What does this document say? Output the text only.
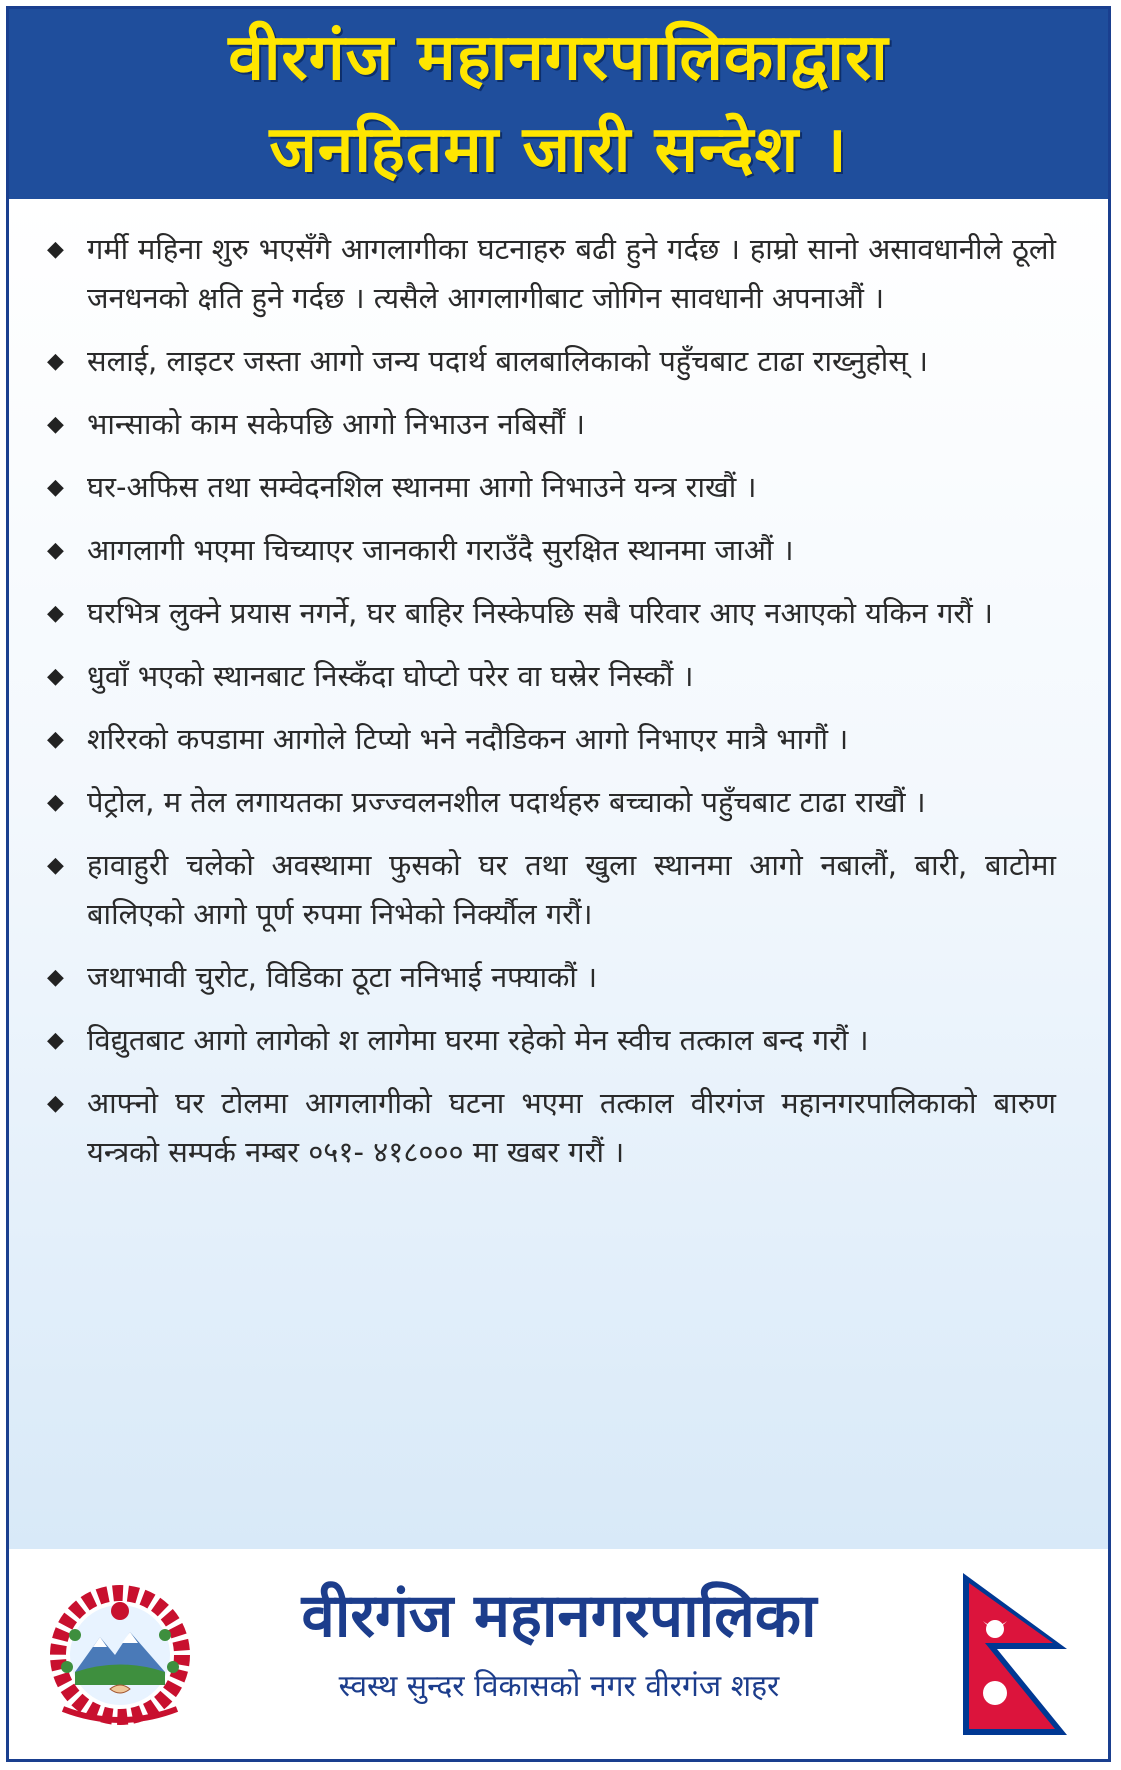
वीरगंज महानगरपालिकाद्वारा
जनहितमा जारी सन्देश ।
◆ गर्मी महिना शुरु भएसँगै आगलागीका घटनाहरु बढी हुने गर्दछ । हाम्रो सानो असावधानीले ठूलो जनधनको क्षति हुने गर्दछ । त्यसैले आगलागीबाट जोगिन सावधानी अपनाऔं ।
◆ सलाई, लाइटर जस्ता आगो जन्य पदार्थ बालबालिकाको पहुँचबाट टाढा राख्नुहोस् ।
◆ भान्साको काम सकेपछि आगो निभाउन नबिर्सौं ।
◆ घर-अफिस तथा सम्वेदनशिल स्थानमा आगो निभाउने यन्त्र राखौं ।
◆ आगलागी भएमा चिच्याएर जानकारी गराउँदै सुरक्षित स्थानमा जाऔं ।
◆ घरभित्र लुक्ने प्रयास नगर्ने, घर बाहिर निस्केपछि सबै परिवार आए नआएको यकिन गरौं ।
◆ धुवाँ भएको स्थानबाट निस्कँदा घोप्टो परेर वा घस्रेर निस्कौं ।
◆ शरिरको कपडामा आगोले टिप्यो भने नदौडिकन आगो निभाएर मात्रै भागौं ।
◆ पेट्रोल, म तेल लगायतका प्रज्ज्वलनशील पदार्थहरु बच्चाको पहुँचबाट टाढा राखौं ।
◆ हावाहुरी चलेको अवस्थामा फुसको घर तथा खुला स्थानमा आगो नबालौं, बारी, बाटोमा बालिएको आगो पूर्ण रुपमा निभेको निर्क्यौल गरौं।
◆ जथाभावी चुरोट, विडिका ठूटा ननिभाई नफ्याकौं ।
◆ विद्युतबाट आगो लागेको श लागेमा घरमा रहेको मेन स्वीच तत्काल बन्द गरौं ।
◆ आफ्नो घर टोलमा आगलागीको घटना भएमा तत्काल वीरगंज महानगरपालिकाको बारुण यन्त्रको सम्पर्क नम्बर ०५१- ४१८००० मा खबर गरौं ।
वीरगंज महानगरपालिका
स्वस्थ सुन्दर विकासको नगर वीरगंज शहर
